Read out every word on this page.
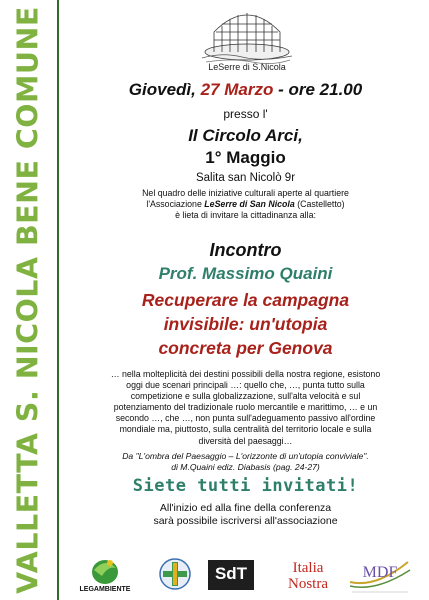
VALLETTA S. NICOLA BENE COMUNE	LeSerre di S.Nicola
Giovedì, 27 Marzo - ore 21.00
presso l'
Il Circolo Arci,
1° Maggio
Salita san Nicolò 9r
Nel quadro delle iniziative culturali aperte al quartiere
l'Associazione LeSerre di San Nicola (Castelletto)
è lieta di invitare la cittadinanza alla:
Incontro
Prof. Massimo Quaini
Recuperare la campagna
invisibile: un'utopia
concreta per Genova
… nella molteplicità dei destini possibili della nostra regione, esistono
oggi due scenari principali …: quello che, …, punta tutto sulla
competizione e sulla globalizzazione, sull'alta velocità e sul
potenziamento del tradizionale ruolo mercantile e marittimo, … e un
secondo …, che …, non punta sull'adeguamento passivo all'ordine
mondiale ma, piuttosto, sulla centralità del territorio locale e sulla
diversità del paesaggi…
Da "L'ombra del Paesaggio – L'orizzonte di un'utopia conviviale".
di M.Quaini ediz. Diabasis (pag. 24-27)
Siete tutti invitati!
All'inizio ed alla fine della conferenza
sarà possibile iscriversi all'associazione
LEGAMBIENTE
SdT	Italia
Nostra
MDF
